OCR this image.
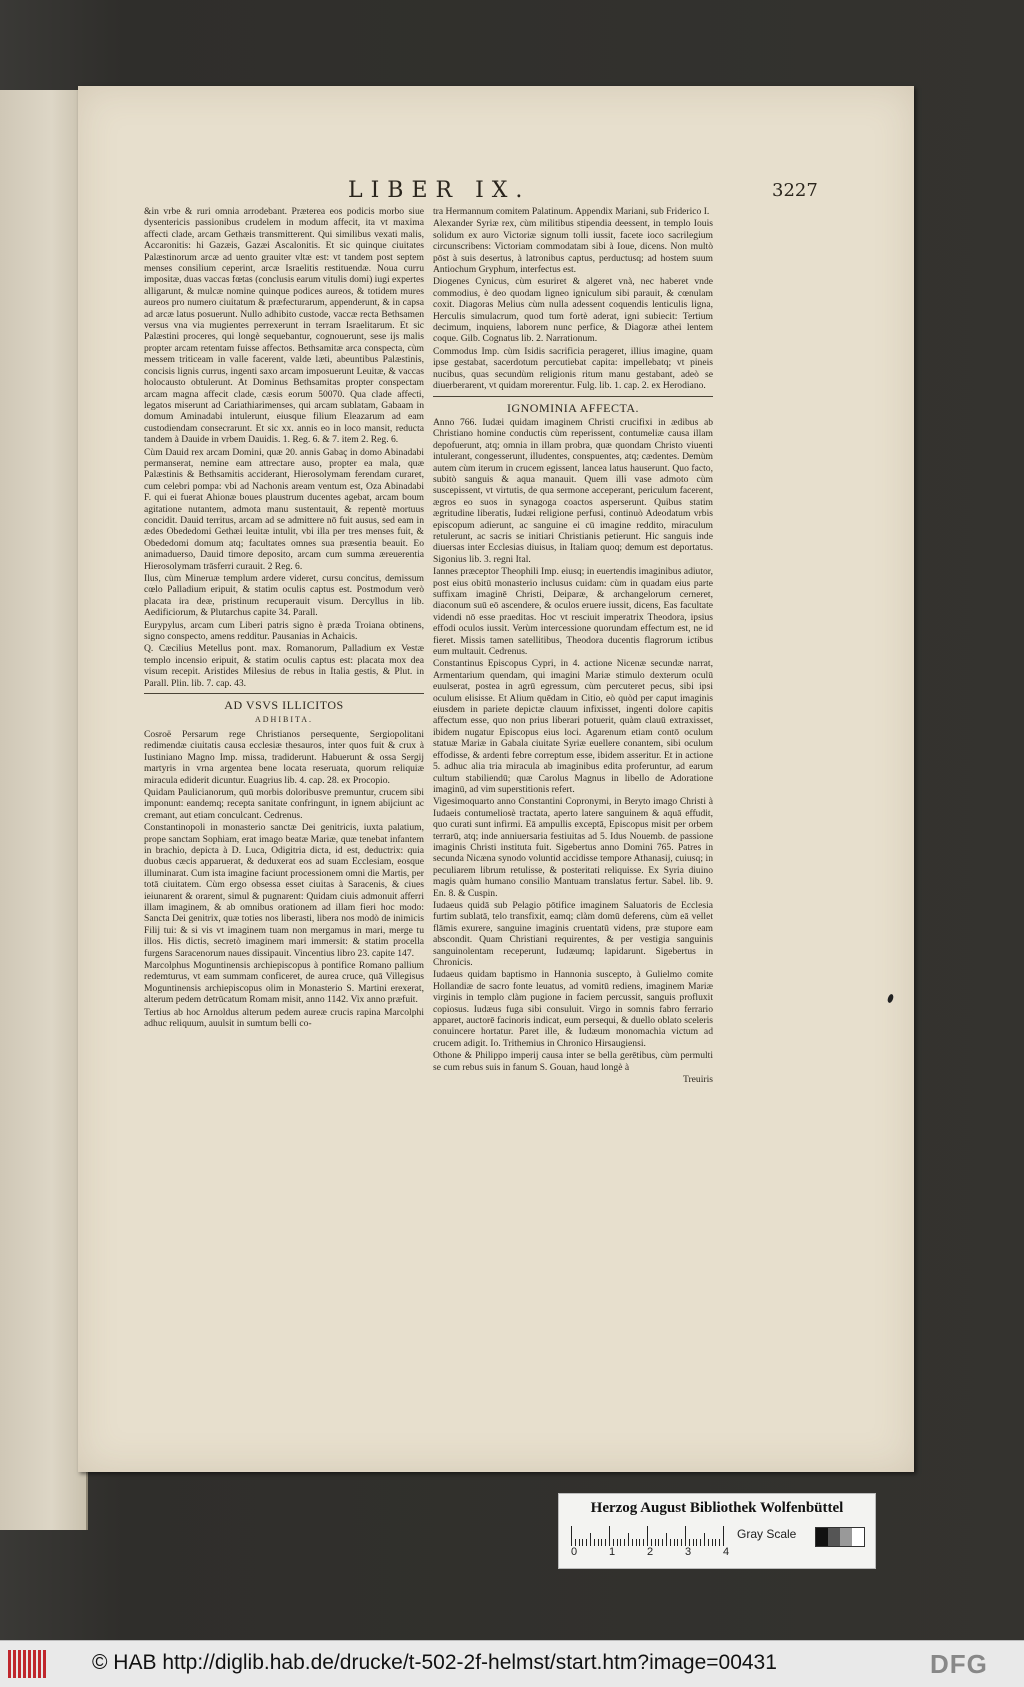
LIBER IX.	3227

&in vrbe & ruri omnia arrodebant. Præterea eos podicis morbo siue dysentericis passionibus crudelem in modum affecit, ita vt maxima affecti clade, arcam Gethæis transmitterent. Qui similibus vexati malis, Accaronitis: hi Gazæis, Gazæi Ascalonitis. Et sic quinque ciuitates Palæstinorum arcæ ad uento grauiter vltæ est: vt tandem post septem menses consilium ceperint, arcæ Israelitis restituendæ. Noua curru impositæ, duas vaccas fœtas (conclusis earum vitulis domi) iugi expertes alligarunt, & mulcæ nomine quinque podices aureos, & totidem mures aureos pro numero ciuitatum & præfecturarum, appenderunt, & in capsa ad arcæ latus posuerunt. Nullo adhibito custode, vaccæ recta Bethsamen versus vna via mugientes perrexerunt in terram Israelitarum. Et sic Palæstini proceres, qui longè sequebantur, cognouerunt, sese ijs malis propter arcam retentam fuisse affectos. Bethsamitæ arca conspecta, cùm messem triticeam in valle facerent, valde læti, abeuntibus Palæstinis, concisis lignis currus, ingenti saxo arcam imposuerunt Leuitæ, & vaccas holocausto obtulerunt. At Dominus Bethsamitas propter conspectam arcam magna affecit clade, cæsis eorum 50070. Qua clade affecti, legatos miserunt ad Cariathiarimenses, qui arcam sublatam, Gabaam in domum Aminadabi intulerunt, eiusque filium Eleazarum ad eam custodiendam consecrarunt. Et sic xx. annis eo in loco mansit, reducta tandem à Dauide in vrbem Dauidis. 1. Reg. 6. & 7. item 2. Reg. 6.

Cùm Dauid rex arcam Domini, quæ 20. annis Gabaç in domo Abinadabi permanserat, nemine eam attrectare auso, propter ea mala, quæ Palæstinis & Bethsamitis acciderant, Hierosolymam ferendam curaret, cum celebri pompa: vbi ad Nachonis aream ventum est, Oza Abinadabi F. qui ei fuerat Ahionæ boues plaustrum ducentes agebat, arcam boum agitatione nutantem, admota manu sustentauit, & repentè mortuus concidit. Dauid territus, arcam ad se admittere nō fuit ausus, sed eam in ædes Obededomi Gethæi leuitæ intulit, vbi illa per tres menses fuit, & Obededomi domum atq; facultates omnes sua præsentia beauit. Eo animaduerso, Dauid timore deposito, arcam cum summa æreuerentia Hierosolymam trāsferri curauit. 2 Reg. 6.

Ilus, cùm Mineruæ templum ardere videret, cursu concitus, demissum cœlo Palladium eripuit, & statim oculis captus est. Postmodum verò placata ira deæ, pristinum recuperauit visum. Dercyllus in lib. Aedificiorum, & Plutarchus capite 34. Parall.

Eurypylus, arcam cum Liberi patris signo è præda Troiana obtinens, signo conspecto, amens redditur. Pausanias in Achaicis.

Q. Cæcilius Metellus pont. max. Romanorum, Palladium ex Vestæ templo incensio eripuit, & statim oculis captus est: placata mox dea visum recepit. Aristides Milesius de rebus in Italia gestis, & Plut. in Parall. Plin. lib. 7. cap. 43.

AD VSVS ILLICITOS
ADHIBITA.

Cosroë Persarum rege Christianos persequente, Sergiopolitani redimendæ ciuitatis causa ecclesiæ thesauros, inter quos fuit & crux à Iustiniano Magno Imp. missa, tradiderunt. Habuerunt & ossa Sergij martyris in vrna argentea bene locata reseruata, quorum reliquiæ miracula ediderit dicuntur. Euagrius lib. 4. cap. 28. ex Procopio.

Quidam Paulicianorum, quū morbis doloribusve premuntur, crucem sibi imponunt: eandemq; recepta sanitate confringunt, in ignem abijciunt ac cremant, aut etiam conculcant. Cedrenus.

Constantinopoli in monasterio sanctæ Dei genitricis, iuxta palatium, prope sanctam Sophiam, erat imago beatæ Mariæ, quæ tenebat infantem in brachio, depicta à D. Luca, Odigitria dicta, id est, deductrix: quia duobus cæcis apparuerat, & deduxerat eos ad suam Ecclesiam, eosque illuminarat. Cum ista imagine faciunt processionem omni die Martis, per totā ciuitatem. Cùm ergo obsessa esset ciuitas à Saracenis, & ciues ieiunarent & orarent, simul & pugnarent: Quidam ciuis admonuit afferri illam imaginem, & ab omnibus orationem ad illam fieri hoc modo: Sancta Dei genitrix, quæ toties nos liberasti, libera nos modò de inimicis Filij tui: & si vis vt imaginem tuam non mergamus in mari, merge tu illos. His dictis, secretò imaginem mari immersit: & statim procella furgens Saracenorum naues dissipauit. Vincentius libro 23. capite 147.

Marcolphus Moguntinensis archiepiscopus à pontifice Romano pallium redemturus, vt eam summam conficeret, de aurea cruce, quā Villegisus Moguntinensis archiepiscopus olim in Monasterio S. Martini erexerat, alterum pedem detrūcatum Romam misit, anno 1142. Vix anno præfuit.

Tertius ab hoc Arnoldus alterum pedem aureæ crucis rapina Marcolphi adhuc reliquum, auulsit in sumtum belli co-

tra Hermannum comitem Palatinum. Appendix Mariani, sub Friderico I.

Alexander Syriæ rex, cùm militibus stipendia deessent, in templo Iouis solidum ex auro Victoriæ signum tolli iussit, facete ioco sacrilegium circunscribens: Victoriam commodatam sibi à Ioue, dicens. Non multò pōst à suis desertus, à latronibus captus, perductusq; ad hostem suum Antiochum Gryphum, interfectus est.

Diogenes Cynicus, cùm esuriret & algeret vnà, nec haberet vnde commodius, è deo quodam ligneo igniculum sibi parauit, & cœnulam coxit. Diagoras Melius cùm nulla adessent coquendis lenticulis ligna, Herculis simulacrum, quod tum fortè aderat, igni subiecit: Tertium decimum, inquiens, laborem nunc perfice, & Diagoræ athei lentem coque. Gilb. Cognatus lib. 2. Narrationum.

Commodus Imp. cùm Isidis sacrificia perageret, illius imagine, quam ipse gestabat, sacerdotum percutiebat capita: impellebatq; vt pineis nucibus, quas secundùm religionis ritum manu gestabant, adeò se diuerberarent, vt quidam morerentur. Fulg. lib. 1. cap. 2. ex Herodiano.

IGNOMINIA AFFECTA.

Anno 766. Iudæi quidam imaginem Christi crucifixi in ædibus ab Christiano homine conductis cùm reperissent, contumeliæ causa illam depofuerunt, atq; omnia in illam probra, quæ quondam Christo viuenti intulerant, congesserunt, illudentes, conspuentes, atq; cædentes. Demùm autem cùm iterum in crucem egissent, lancea latus hauserunt. Quo facto, subitò sanguis & aqua manauit. Quem illi vase admoto cùm suscepissent, vt virtutis, de qua sermone acceperant, periculum facerent, ægros eo suos in synagoga coactos asperserunt. Quibus statim ægritudine liberatis, Iudæi religione perfusi, continuò Adeodatum vrbis episcopum adierunt, ac sanguine ei cū imagine reddito, miraculum retulerunt, ac sacris se initiari Christianis petierunt. Hic sanguis inde diuersas inter Ecclesias diuisus, in Italiam quoq; demum est deportatus. Sigonius lib. 3. regni Ital.

Iannes præceptor Theophili Imp. eiusq; in euertendis imaginibus adiutor, post eius obitū monasterio inclusus cuidam: cùm in quadam eius parte suffixam imaginē Christi, Deiparæ, & archangelorum cerneret, diaconum suū eō ascendere, & oculos eruere iussit, dicens, Eas facultate videndi nō esse praeditas. Hoc vt resciuit imperatrix Theodora, ipsius effodi oculos iussit. Verùm intercessione quorundam effectum est, ne id fieret. Missis tamen satellitibus, Theodora ducentis flagrorum ictibus eum multauit. Cedrenus.

Constantinus Episcopus Cypri, in 4. actione Nicenæ secundæ narrat, Armentarium quendam, qui imagini Mariæ stimulo dexterum oculū euulserat, postea in agrū egressum, cùm percuteret pecus, sibi ipsi oculum elisisse. Et Alium quēdam in Citio, eò quòd per caput imaginis eiusdem in pariete depictæ clauum infixisset, ingenti dolore capitis affectum esse, quo non prius liberari potuerit, quàm clauū extraxisset, ibidem nugatur Episcopus eius loci. Agarenum etiam contō oculum statuæ Mariæ in Gabala ciuitate Syriæ euellere conantem, sibi oculum effodisse, & ardenti febre correptum esse, ibidem asseritur. Et in actione 5. adhuc alia tria miracula ab imaginibus edita proferuntur, ad earum cultum stabiliendū; quæ Carolus Magnus in libello de Adoratione imaginū, ad vim superstitionis refert.

Vigesimoquarto anno Constantini Copronymi, in Beryto imago Christi à Iudaeis contumeliosè tractata, aperto latere sanguinem & aquā effudit, quo curati sunt infirmi. Eā ampullis exceptā, Episcopus misit per orbem terrarū, atq; inde anniuersaria festiuitas ad 5. Idus Nouemb. de passione imaginis Christi instituta fuit. Sigebertus anno Domini 765. Patres in secunda Nicæna synodo voluntid accidisse tempore Athanasij, cuiusq; in peculiarem librum retulisse, & posteritati reliquisse. Ex Syria diuino magis quàm humano consilio Mantuam translatus fertur. Sabel. lib. 9. En. 8. & Cuspin.

Iudaeus quidā sub Pelagio pōtifice imaginem Saluatoris de Ecclesia furtim sublatā, telo transfixit, eamq; clàm domū deferens, cùm eā vellet flāmis exurere, sanguine imaginis cruentatū videns, præ stupore eam abscondit. Quam Christiani requirentes, & per vestigia sanguinis sanguinolentam receperunt, Iudæumq; lapidarunt. Sigebertus in Chronicis.

Iudaeus quidam baptismo in Hannonia suscepto, à Gulielmo comite Hollandiæ de sacro fonte leuatus, ad vomitū rediens, imaginem Mariæ virginis in templo clàm pugione in faciem percussit, sanguis profluxit copiosus. Iudæus fuga sibi consuluit. Virgo in somnis fabro ferrario apparet, auctorē facinoris indicat, eum persequi, & duello oblato sceleris conuincere hortatur. Paret ille, & Iudæum monomachia victum ad crucem adigit. Io. Trithemius in Chronico Hirsaugiensi.

Othone & Philippo imperij causa inter se bella gerētibus, cùm permulti se cum rebus suis in fanum S. Gouan, haud longè à

Treuiris

Herzog August Bibliothek Wolfenbüttel
0	1	2	3	4
Gray Scale
© HAB http://diglib.hab.de/drucke/t-502-2f-helmst/start.htm?image=00431	DFG
